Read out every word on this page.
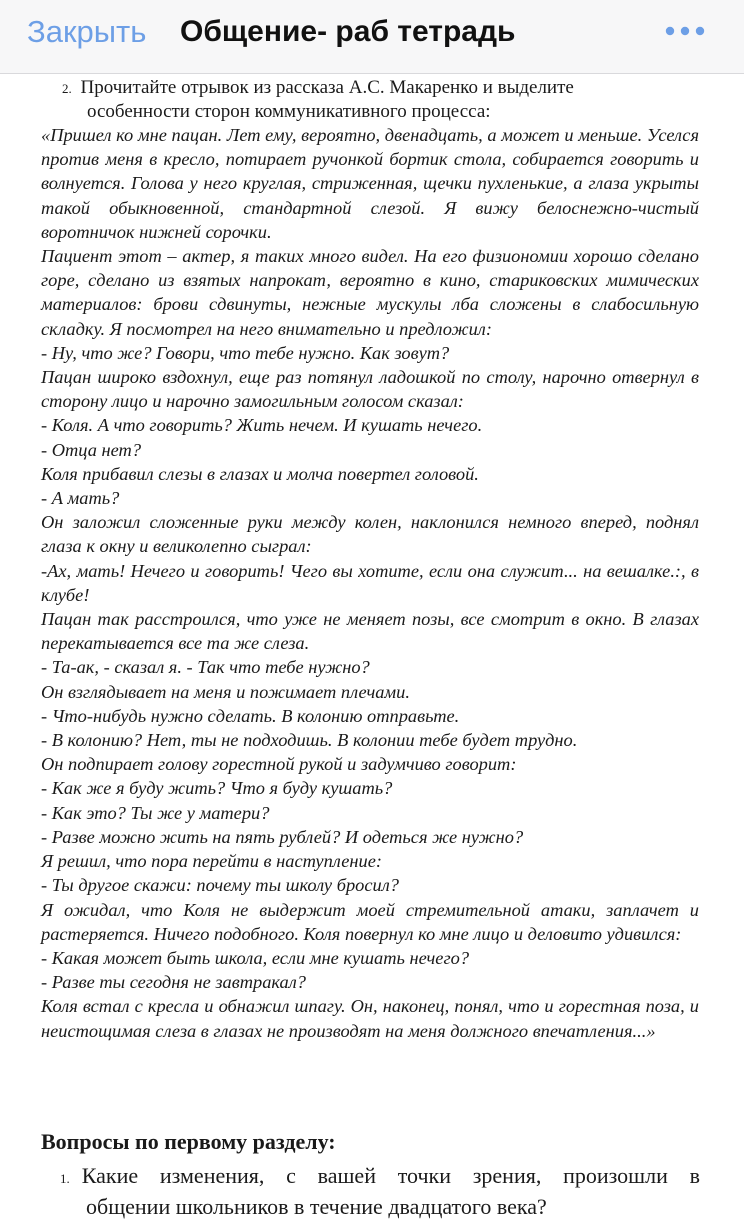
Закрыть Общение- раб тетрадь
2. Прочитайте отрывок из рассказа А.С. Макаренко и выделите
особенности сторон коммуникативного процесса:

«Пришел ко мне пацан. Лет ему, вероятно, двенадцать, а может и меньше. Уселся против меня в кресло, потирает ручонкой бортик стола, собирается говорить и волнуется. Голова у него круглая, стриженная, щечки пухленькие, а глаза укрыты такой обыкновенной, стандартной слезой. Я вижу белоснежно-чистый воротничок нижней сорочки.

Пациент этот – актер, я таких много видел. На его физиономии хорошо сделано горе, сделано из взятых напрокат, вероятно в кино, стариковских мимических материалов: брови сдвинуты, нежные мускулы лба сложены в слабосильную складку. Я посмотрел на него внимательно и предложил:

- Ну, что же? Говори, что тебе нужно. Как зовут?

Пацан широко вздохнул, еще раз потянул ладошкой по столу, нарочно отвернул в сторону лицо и нарочно замогильным голосом сказал:

- Коля. А что говорить? Жить нечем. И кушать нечего.

- Отца нет?

Коля прибавил слезы в глазах и молча повертел головой.

- А мать?

Он заложил сложенные руки между колен, наклонился немного вперед, поднял глаза к окну и великолепно сыграл:

-Ах, мать! Нечего и говорить! Чего вы хотите, если она служит... на вешалке.:, в клубе!

Пацан так расстроился, что уже не меняет позы, все смотрит в окно. В глазах перекатывается все та же слеза.

- Та-ак, - сказал я. - Так что тебе нужно?

Он взглядывает на меня и пожимает плечами.

- Что-нибудь нужно сделать. В колонию отправьте.

- В колонию? Нет, ты не подходишь. В колонии тебе будет трудно.

Он подпирает голову горестной рукой и задумчиво говорит:

- Как же я буду жить? Что я буду кушать?

- Как это? Ты же у матери?

- Разве можно жить на пять рублей? И одеться же нужно?

Я решил, что пора перейти в наступление:

- Ты другое скажи: почему ты школу бросил?

Я ожидал, что Коля не выдержит моей стремительной атаки, заплачет и растеряется. Ничего подобного. Коля повернул ко мне лицо и деловито удивился:

- Какая может быть школа, если мне кушать нечего?

- Разве ты сегодня не завтракал?

Коля встал с кресла и обнажил шпагу. Он, наконец, понял, что и горестная поза, и неистощимая слеза в глазах не производят на меня должного впечатления...»

Вопросы по первому разделу:
1. Какие изменения, с вашей точки зрения, произошли в
общении школьников в течение двадцатого века?
